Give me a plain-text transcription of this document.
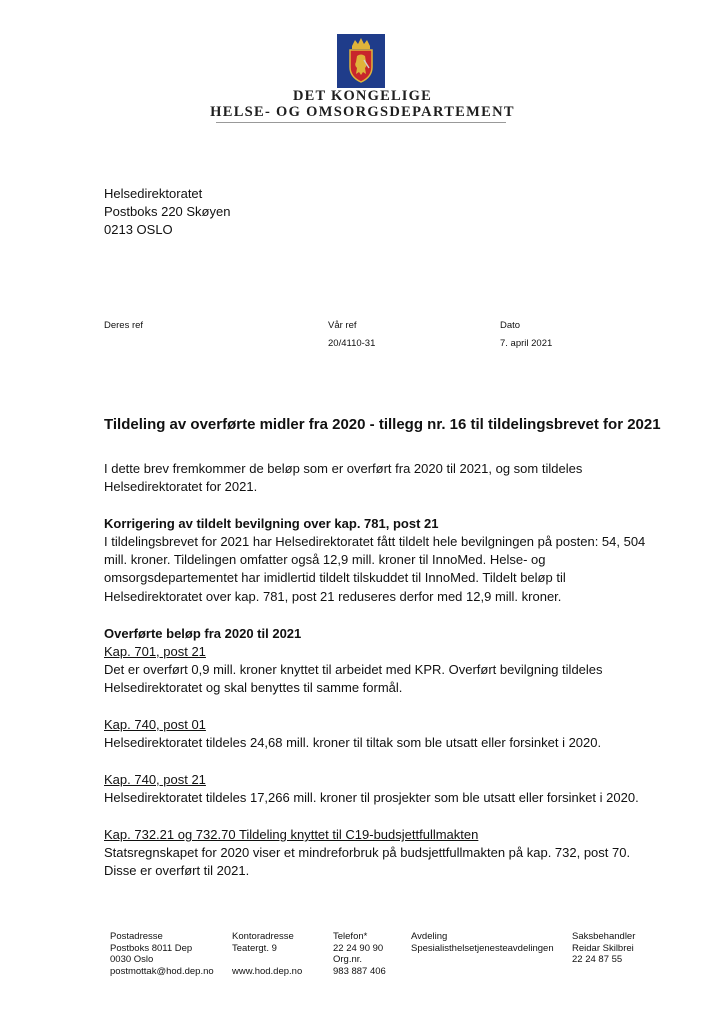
DET KONGELIGE
HELSE- OG OMSORGSDEPARTEMENT
Helsedirektoratet
Postboks 220 Skøyen
0213 OSLO
Deres ref	Vår ref
20/4110-31
Dato
7. april 2021
Tildeling av overførte midler fra 2020 - tillegg nr. 16 til tildelingsbrevet for 2021
I dette brev fremkommer de beløp som er overført fra 2020 til 2021, og som tildeles Helsedirektoratet for 2021.
Korrigering av tildelt bevilgning over kap. 781, post 21
I tildelingsbrevet for 2021 har Helsedirektoratet fått tildelt hele bevilgningen på posten: 54, 504 mill. kroner. Tildelingen omfatter også 12,9 mill. kroner til InnoMed. Helse- og omsorgsdepartementet har imidlertid tildelt tilskuddet til InnoMed. Tildelt beløp til Helsedirektoratet over kap. 781, post 21 reduseres derfor med 12,9 mill. kroner.
Overførte beløp fra 2020 til 2021
Kap. 701, post 21
Det er overført 0,9 mill. kroner knyttet til arbeidet med KPR. Overført bevilgning tildeles Helsedirektoratet og skal benyttes til samme formål.
Kap. 740, post 01
Helsedirektoratet tildeles 24,68 mill. kroner til tiltak som ble utsatt eller forsinket i 2020.
Kap. 740, post 21
Helsedirektoratet tildeles 17,266 mill. kroner til prosjekter som ble utsatt eller forsinket i 2020.
Kap. 732.21 og 732.70 Tildeling knyttet til C19-budsjettfullmakten
Statsregnskapet for 2020 viser et mindreforbruk på budsjettfullmakten på kap. 732, post 70. Disse er overført til 2021.
Postadresse
Postboks 8011 Dep
0030 Oslo
postmottak@hod.dep.no
Kontoradresse
Teatergt. 9

www.hod.dep.no
Telefon*
22 24 90 90
Org.nr.
983 887 406
Avdeling
Spesialisthelsetjenesteavdelingen
Saksbehandler
Reidar Skilbrei
22 24 87 55
